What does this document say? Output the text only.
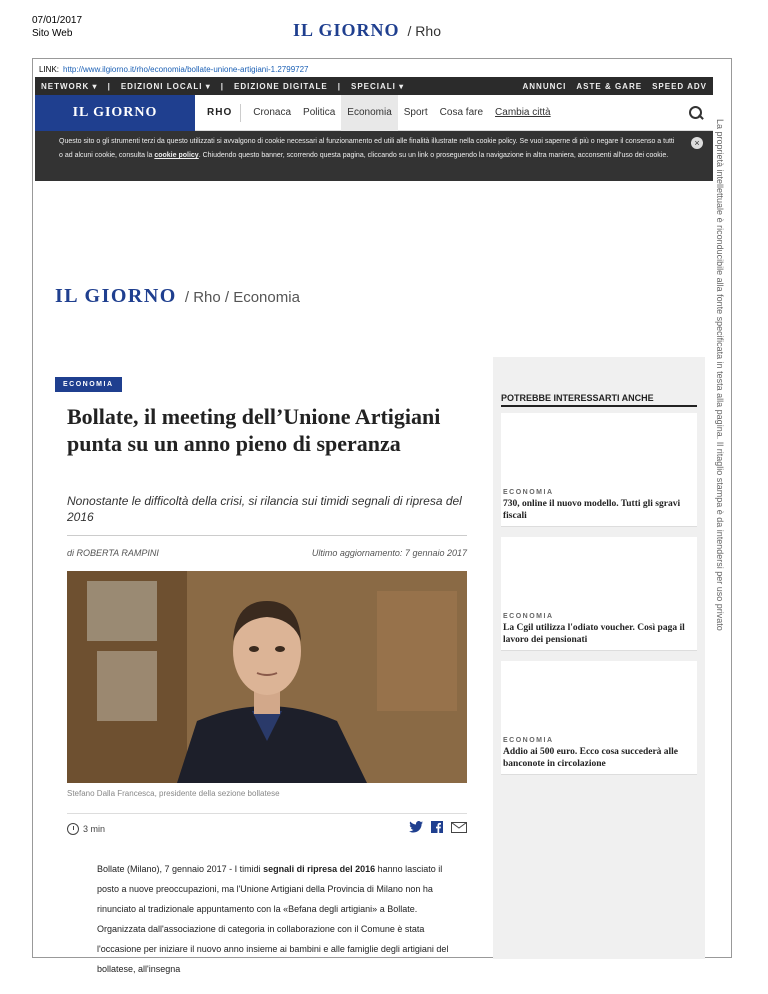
07/01/2017
Sito Web	IL GIORNO / Rho
La proprietà intellettuale è riconducibile alla fonte specificata in testa alla pagina. Il ritaglio stampa è da intendersi per uso privato
LINK: http://www.ilgiorno.it/rho/economia/bollate-unione-artigiani-1.2799727
NETWORK ▾ | EDIZIONI LOCALI ▾ | EDIZIONE DIGITALE | SPECIALI ▾	ANNUNCI ASTE & GARE SPEED ADV
IL GIORNO	RHO	Cronaca	Politica	Economia	Sport	Cosa fare	Cambia città
Questo sito o gli strumenti terzi da questo utilizzati si avvalgono di cookie necessari al funzionamento ed utili alle finalità illustrate nella cookie policy. Se vuoi saperne di più o negare il consenso a tutti o ad alcuni cookie, consulta la cookie policy. Chiudendo questo banner, scorrendo questa pagina, cliccando su un link o proseguendo la navigazione in altra maniera, acconsenti all'uso dei cookie.
×
IL GIORNO / Rho / Economia
ECONOMIA
Bollate, il meeting dell’Unione Artigiani punta su un anno pieno di speranza

Nonostante le difficoltà della crisi, si rilancia sui timidi segnali di ripresa del 2016

di ROBERTA RAMPINI	Ultimo aggiornamento: 7 gennaio 2017
Stefano Dalla Francesca, presidente della sezione bollatese
3 min

Bollate (Milano), 7 gennaio 2017 - I timidi segnali di ripresa del 2016 hanno lasciato il posto a nuove preoccupazioni, ma l'Unione Artigiani della Provincia di Milano non ha rinunciato al tradizionale appuntamento con la «Befana degli artigiani» a Bollate. Organizzata dall'associazione di categoria in collaborazione con il Comune è stata l'occasione per iniziare il nuovo anno insieme ai bambini e alle famiglie degli artigiani del bollatese, all'insegna

POTREBBE INTERESSARTI ANCHE
ECONOMIA
730, online il nuovo modello. Tutti gli sgravi fiscali
ECONOMIA
La Cgil utilizza l'odiato voucher. Così paga il lavoro dei pensionati
ECONOMIA
Addio ai 500 euro. Ecco cosa succederà alle banconote in circolazione
